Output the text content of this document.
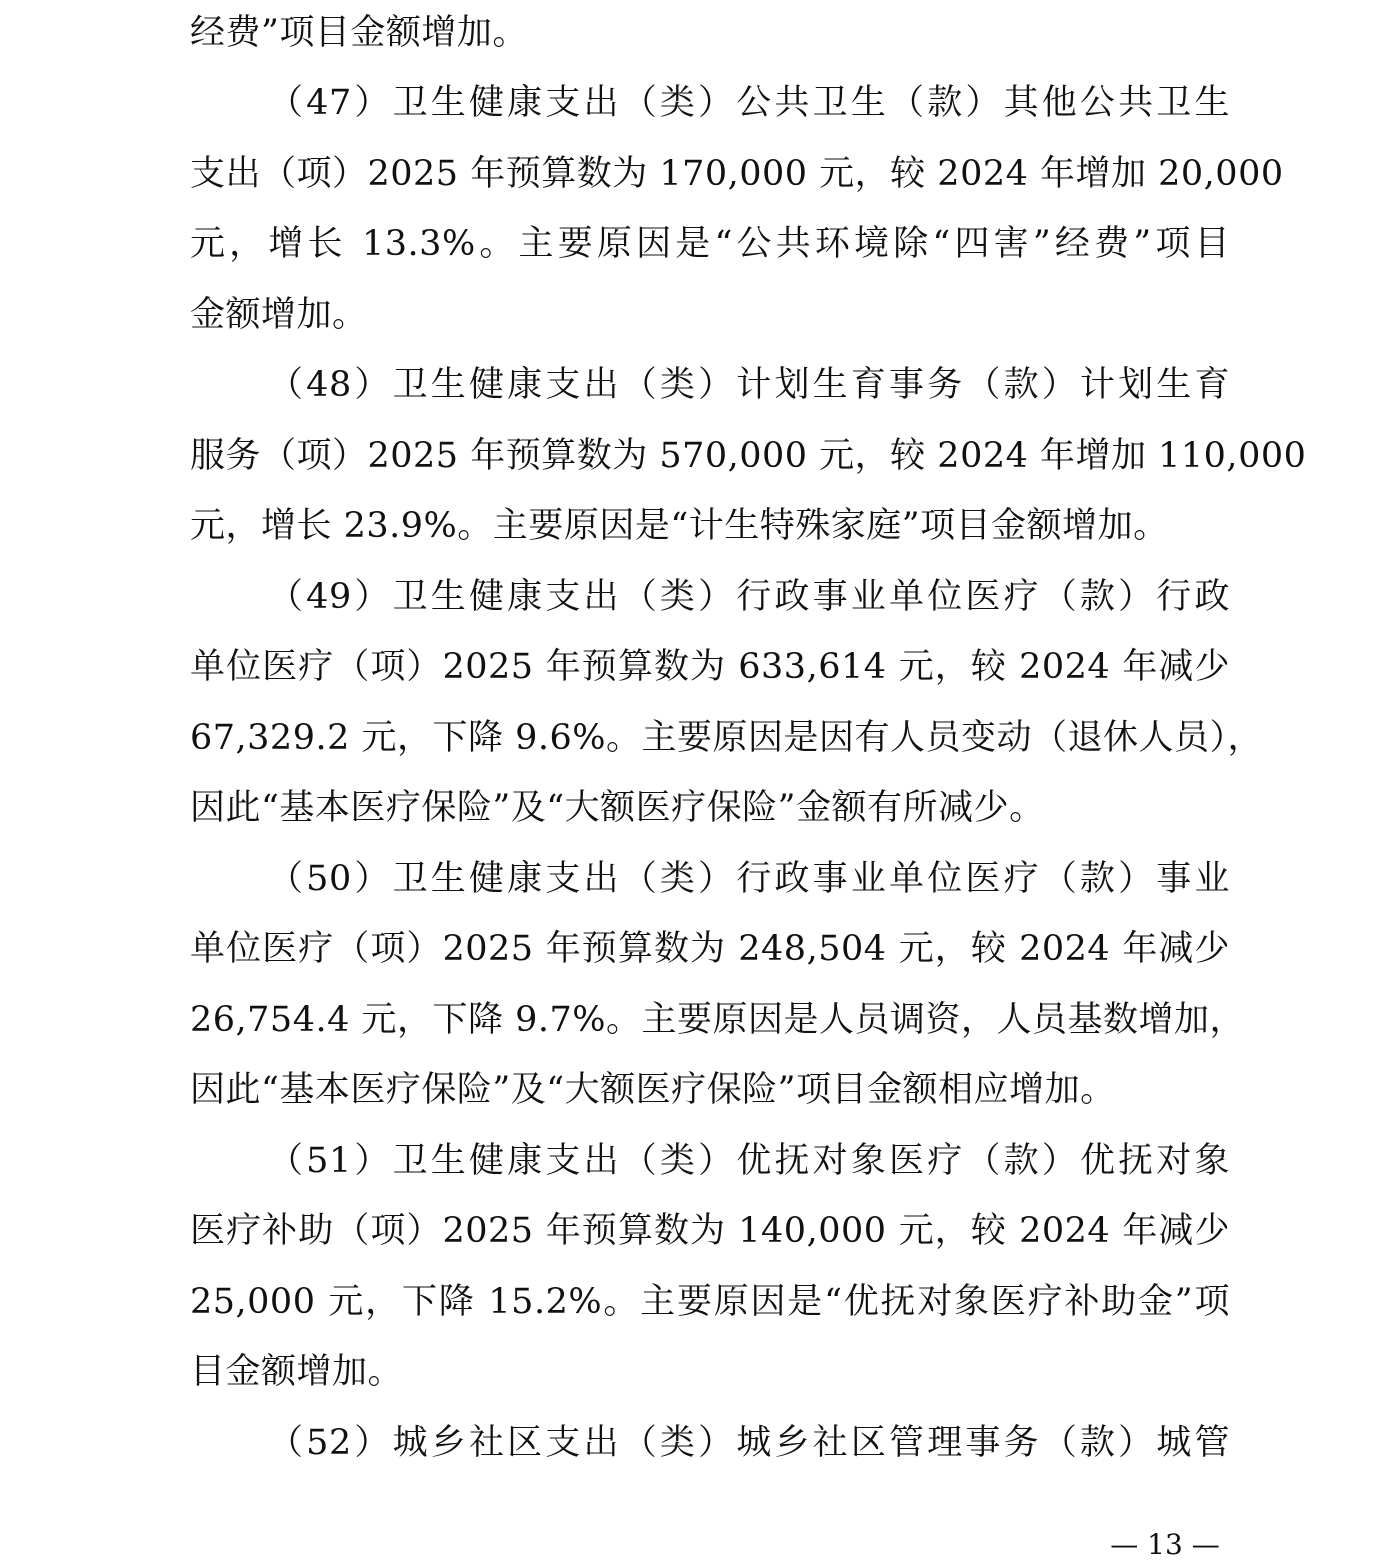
经费”项目金额增加。
（47）卫生健康支出（类）公共卫生（款）其他公共卫生
支出（项）2025 年预算数为 170,000 元，较 2024 年增加 20,000
元，增长 13.3%。主要原因是“公共环境除“四害”经费”项目
金额增加。
（48）卫生健康支出（类）计划生育事务（款）计划生育
服务（项）2025 年预算数为 570,000 元，较 2024 年增加 110,000
元，增长 23.9%。主要原因是“计生特殊家庭”项目金额增加。
（49）卫生健康支出（类）行政事业单位医疗（款）行政
单位医疗（项）2025 年预算数为 633,614 元，较 2024 年减少
67,329.2 元，下降 9.6%。主要原因是因有人员变动（退休人员），
因此“基本医疗保险”及“大额医疗保险”金额有所减少。
（50）卫生健康支出（类）行政事业单位医疗（款）事业
单位医疗（项）2025 年预算数为 248,504 元，较 2024 年减少
26,754.4 元，下降 9.7%。主要原因是人员调资，人员基数增加，
因此“基本医疗保险”及“大额医疗保险”项目金额相应增加。
（51）卫生健康支出（类）优抚对象医疗（款）优抚对象
医疗补助（项）2025 年预算数为 140,000 元，较 2024 年减少
25,000 元，下降 15.2%。主要原因是“优抚对象医疗补助金”项
目金额增加。
（52）城乡社区支出（类）城乡社区管理事务（款）城管
— 13 —
